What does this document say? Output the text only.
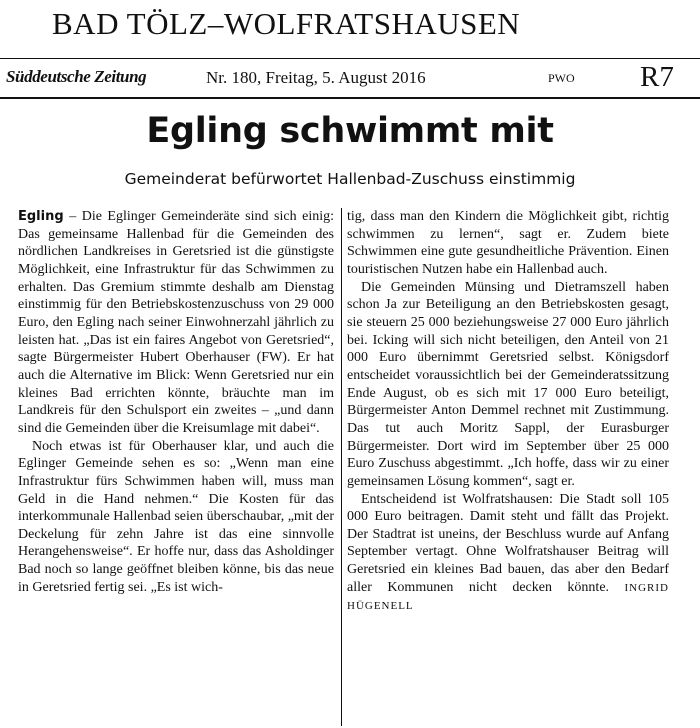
BAD TÖLZ–WOLFRATSHAUSEN
Süddeutsche Zeitung	Nr. 180, Freitag, 5. August 2016	PWO R7
Egling schwimmt mit
Gemeinderat befürwortet Hallenbad-Zuschuss einstimmig

Egling – Die Eglinger Gemeinderäte sind sich einig: Das gemeinsame Hallenbad für die Gemeinden des nördlichen Landkreises in Geretsried ist die günstigste Möglichkeit, eine Infrastruktur für das Schwimmen zu erhalten. Das Gremium stimmte deshalb am Dienstag einstimmig für den Betriebskostenzuschuss von 29 000 Euro, den Egling nach seiner Einwohnerzahl jährlich zu leisten hat. „Das ist ein faires Angebot von Geretsried“, sagte Bürgermeister Hubert Oberhauser (FW). Er hat auch die Alternative im Blick: Wenn Geretsried nur ein kleines Bad errichten könnte, bräuchte man im Landkreis für den Schulsport ein zweites – „und dann sind die Gemeinden über die Kreisumlage mit dabei“.

Noch etwas ist für Oberhauser klar, und auch die Eglinger Gemeinde sehen es so: „Wenn man eine Infrastruktur fürs Schwimmen haben will, muss man Geld in die Hand nehmen.“ Die Kosten für das interkommunale Hallenbad seien überschaubar, „mit der Deckelung für zehn Jahre ist das eine sinnvolle Herangehensweise“. Er hoffe nur, dass das Asholdinger Bad noch so lange geöffnet bleiben könne, bis das neue in Geretsried fertig sei. „Es ist wich-

tig, dass man den Kindern die Möglichkeit gibt, richtig schwimmen zu lernen“, sagt er. Zudem biete Schwimmen eine gute gesundheitliche Prävention. Einen touristischen Nutzen habe ein Hallenbad auch.

Die Gemeinden Münsing und Dietramszell haben schon Ja zur Beteiligung an den Betriebskosten gesagt, sie steuern 25 000 beziehungsweise 27 000 Euro jährlich bei. Icking will sich nicht beteiligen, den Anteil von 21 000 Euro übernimmt Geretsried selbst. Königsdorf entscheidet voraussichtlich bei der Gemeinderatssitzung Ende August, ob es sich mit 17 000 Euro beteiligt, Bürgermeister Anton Demmel rechnet mit Zustimmung. Das tut auch Moritz Sappl, der Eurasburger Bürgermeister. Dort wird im September über 25 000 Euro Zuschuss abgestimmt. „Ich hoffe, dass wir zu einer gemeinsamen Lösung kommen“, sagt er.

Entscheidend ist Wolfratshausen: Die Stadt soll 105 000 Euro beitragen. Damit steht und fällt das Projekt. Der Stadtrat ist uneins, der Beschluss wurde auf Anfang September vertagt. Ohne Wolfratshauser Beitrag will Geretsried ein kleines Bad bauen, das aber den Bedarf aller Kommunen nicht decken könnte. INGRID HÜGENELL
